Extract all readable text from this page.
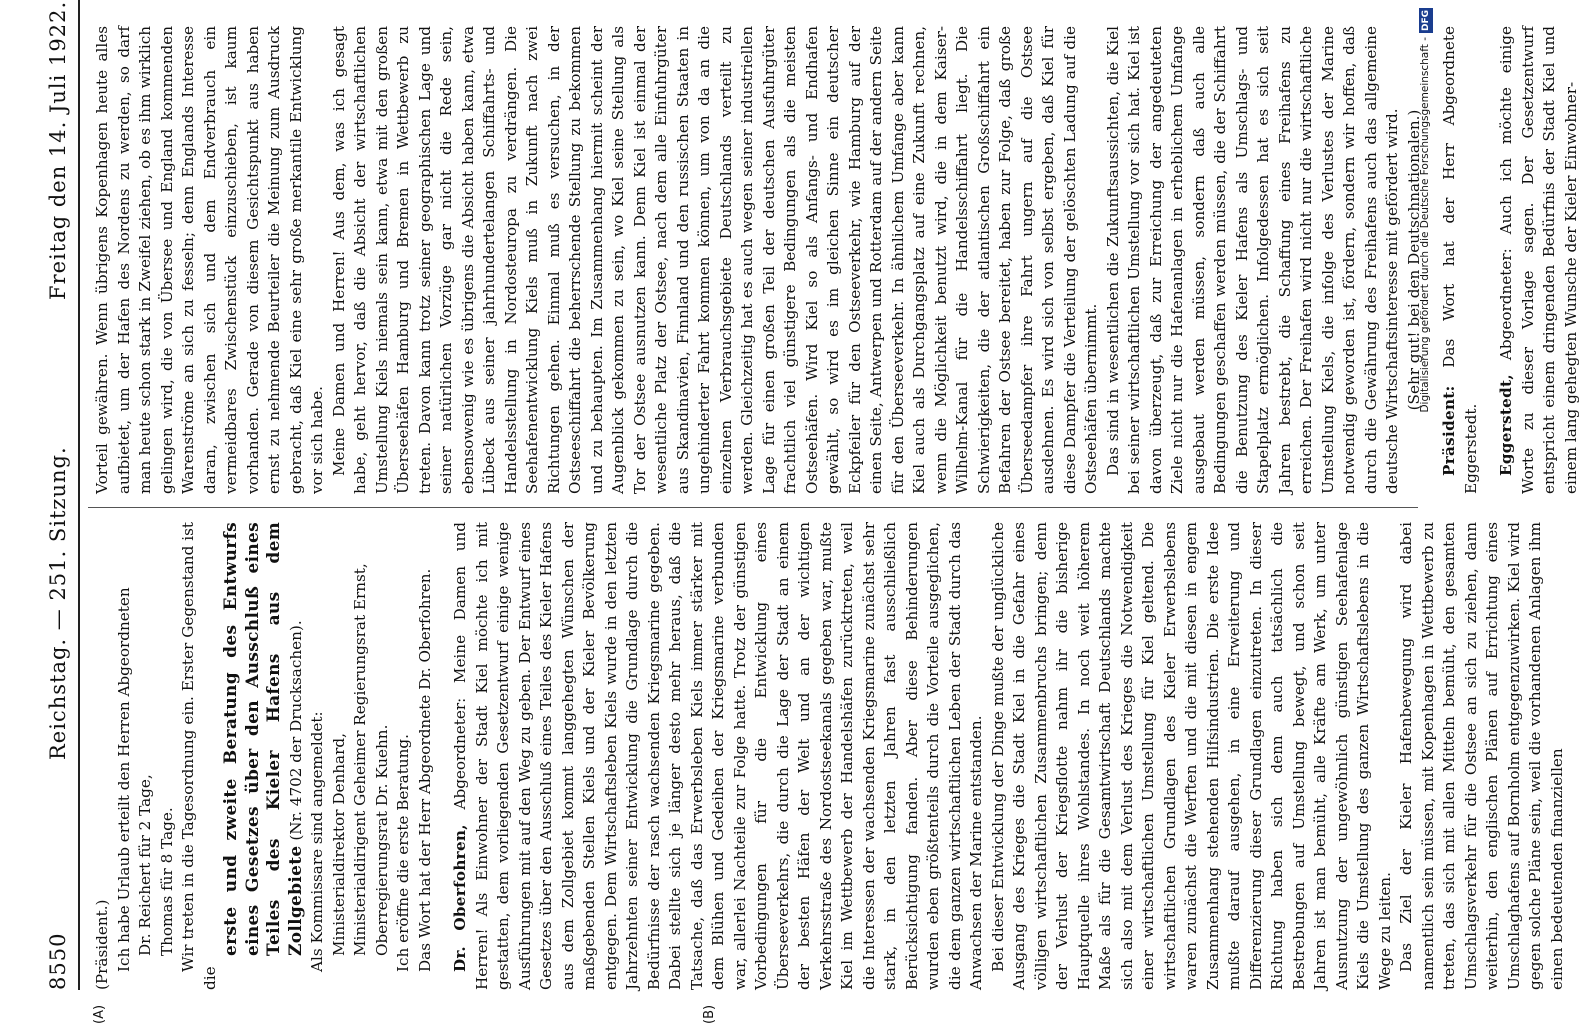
8550
Reichstag. — 251. Sitzung.
Freitag den 14. Juli 1922.
(A)	(B)

(Präsident.) Ich habe Urlaub erteilt den Herren Abgeordneten Dr. Reichert für 2 Tage, Thomas für 8 Tage. Wir treten in die Tagesordnung ein. Erster Gegenstand ist die

erste und zweite Beratung des Entwurfs eines Gesetzes über den Ausschluß eines Teiles des Kieler Hafens aus dem Zollgebiete (Nr. 4702 der Drucksachen). Als Kommissare sind angemeldet: Ministerialdirektor Denhard, Ministerialdirigent Geheimer Regierungsrat Ernst, Oberregierungsrat Dr. Kuehn. Ich eröffne die erste Beratung. Das Wort hat der Herr Abgeordnete Dr. Oberfohren. Dr. Oberfohren, Abgeordneter: Meine Damen und Herren! Als Einwohner der Stadt Kiel möchte ich mit gestatten, dem vorliegenden Gesetzentwurf einige wenige Ausführungen mit auf den Weg zu geben. Der Entwurf eines Gesetzes über den Ausschluß eines Teiles des Kieler Hafens aus dem Zollgebiet kommt langgehegten Wünschen der maßgebenden Stellen Kiels und der Kieler Bevölkerung entgegen. Dem Wirtschaftsleben Kiels wurde in den letzten Jahrzehnten seiner Entwicklung die Grundlage durch die Bedürfnisse der rasch wachsenden Kriegsmarine gegeben. Dabei stellte sich je länger desto mehr heraus, daß die Tatsache, daß das Erwerbsleben Kiels immer stärker mit dem Blühen und Gedeihen der Kriegsmarine verbunden war, allerlei Nachteile zur Folge hatte. Trotz der günstigen Vorbedingungen für die Entwicklung eines Überseeverkehrs, die durch die Lage der Stadt an einem der besten Häfen der Welt und an der wichtigen Verkehrsstraße des Nordostseekanals gegeben war, mußte Kiel im Wettbewerb der Handelshäfen zurücktreten, weil die Interessen der wachsenden Kriegsmarine zunächst sehr stark, in den letzten Jahren fast ausschließlich Berücksichtigung fanden. Aber diese Behinderungen wurden eben größtenteils durch die Vorteile ausgeglichen, die dem ganzen wirtschaftlichen Leben der Stadt durch das Anwachsen der Marine entstanden. Bei dieser Entwicklung der Dinge mußte der unglückliche Ausgang des Krieges die Stadt Kiel in die Gefahr eines völligen wirtschaftlichen Zusammenbruchs bringen; denn der Verlust der Kriegsflotte nahm ihr die bisherige Hauptquelle ihres Wohlstandes. In noch weit höherem Maße als für die Gesamtwirtschaft Deutschlands machte sich also mit dem Verlust des Krieges die Notwendigkeit einer wirtschaftlichen Umstellung für Kiel geltend. Die wirtschaftlichen Grundlagen des Kieler Erwerbslebens waren zunächst die Werften und die mit diesen in engem Zusammenhang stehenden Hilfsindustrien. Die erste Idee mußte darauf ausgehen, in eine Erweiterung und Differenzierung dieser Grundlagen einzutreten. In dieser Richtung haben sich denn auch tatsächlich die Bestrebungen auf Umstellung bewegt, und schon seit Jahren ist man bemüht, alle Kräfte am Werk, um unter Ausnutzung der ungewöhnlich günstigen Seehafenlage Kiels die Umstellung des ganzen Wirtschaftslebens in die Wege zu leiten. Das Ziel der Kieler Hafenbewegung wird dabei namentlich sein müssen, mit Kopenhagen in Wettbewerb zu treten, das sich mit allen Mitteln bemüht, den gesamten Umschlagsverkehr für die Ostsee an sich zu ziehen, dann weiterhin, den englischen Plänen auf Errichtung eines Umschlaghafens auf Bornholm entgegenzuwirken. Kiel wird gegen solche Pläne sein, weil die vorhandenen Anlagen ihm einen bedeutenden finanziellen

Vorteil gewähren. Wenn übrigens Kopenhagen heute alles aufbietet, um der Hafen des Nordens zu werden, so darf man heute schon stark in Zweifel ziehen, ob es ihm wirklich gelingen wird, die von Übersee und England kommenden Warenströme an sich zu fesseln; denn Englands Interesse daran, zwischen sich und dem Endverbrauch ein vermeidbares Zwischenstück einzuschieben, ist kaum vorhanden. Gerade von diesem Gesichtspunkt aus haben ernst zu nehmende Beurteiler die Meinung zum Ausdruck gebracht, daß Kiel eine sehr große merkantile Entwicklung vor sich habe. Meine Damen und Herren! Aus dem, was ich gesagt habe, geht hervor, daß die Absicht der wirtschaftlichen Umstellung Kiels niemals sein kann, etwa mit den großen Überseehäfen Hamburg und Bremen in Wettbewerb zu treten. Davon kann trotz seiner geographischen Lage und seiner natürlichen Vorzüge gar nicht die Rede sein, ebensowenig wie es übrigens die Absicht haben kann, etwa Lübeck aus seiner jahrhundertelangen Schiffahrts- und Handelsstellung in Nordosteuropa zu verdrängen. Die Seehafenentwicklung Kiels muß in Zukunft nach zwei Richtungen gehen. Einmal muß es versuchen, in der Ostseeschiffahrt die beherrschende Stellung zu bekommen und zu behaupten. Im Zusammenhang hiermit scheint der Augenblick gekommen zu sein, wo Kiel seine Stellung als Tor der Ostsee ausnutzen kann. Denn Kiel ist einmal der wesentliche Platz der Ostsee, nach dem alle Einfuhrgüter aus Skandinavien, Finnland und den russischen Staaten in ungehinderter Fahrt kommen können, um von da an die einzelnen Verbrauchsgebiete Deutschlands verteilt zu werden. Gleichzeitig hat es auch wegen seiner industriellen Lage für einen großen Teil der deutschen Ausfuhrgüter frachtlich viel günstigere Bedingungen als die meisten Ostseehäfen. Wird Kiel so als Anfangs- und Endhafen gewählt, so wird es im gleichen Sinne ein deutscher Eckpfeiler für den Ostseeverkehr, wie Hamburg auf der einen Seite, Antwerpen und Rotterdam auf der andern Seite für den Überseeverkehr. In ähnlichem Umfange aber kann Kiel auch als Durchgangsplatz auf eine Zukunft rechnen, wenn die Möglichkeit benutzt wird, die in dem Kaiser-Wilhelm-Kanal für die Handelsschiffahrt liegt. Die Schwierigkeiten, die der atlantischen Großschiffahrt ein Befahren der Ostsee bereitet, haben zur Folge, daß große Überseedampfer ihre Fahrt ungern auf die Ostsee ausdehnen. Es wird sich von selbst ergeben, daß Kiel für diese Dampfer die Verteilung der gelöschten Ladung auf die Ostseehäfen übernimmt. Das sind in wesentlichen die Zukunftsaussichten, die Kiel bei seiner wirtschaftlichen Umstellung vor sich hat. Kiel ist davon überzeugt, daß zur Erreichung der angedeuteten Ziele nicht nur die Hafenanlagen in erheblichem Umfange ausgebaut werden müssen, sondern daß auch alle Bedingungen geschaffen werden müssen, die der Schiffahrt die Benutzung des Kieler Hafens als Umschlags- und Stapelplatz ermöglichen. Infolgedessen hat es sich seit Jahren bestrebt, die Schaffung eines Freihafens zu erreichen. Der Freihafen wird nicht nur die wirtschaftliche Umstellung Kiels, die infolge des Verlustes der Marine notwendig geworden ist, fördern, sondern wir hoffen, daß durch die Gewährung des Freihafens auch das allgemeine deutsche Wirtschaftsinteresse mit gefördert wird. (Sehr gut! bei den Deutschnationalen.)

Präsident: Das Wort hat der Herr Abgeordnete Eggerstedt. Eggerstedt, Abgeordneter: Auch ich möchte einige Worte zu dieser Vorlage sagen. Der Gesetzentwurf entspricht einem dringenden Bedürfnis der Stadt Kiel und einem lang gehegten Wunsche der Kieler Einwohner-

Digitalisierung gefördert durch die Deutsche Forschungsgemeinschaft -DFG
